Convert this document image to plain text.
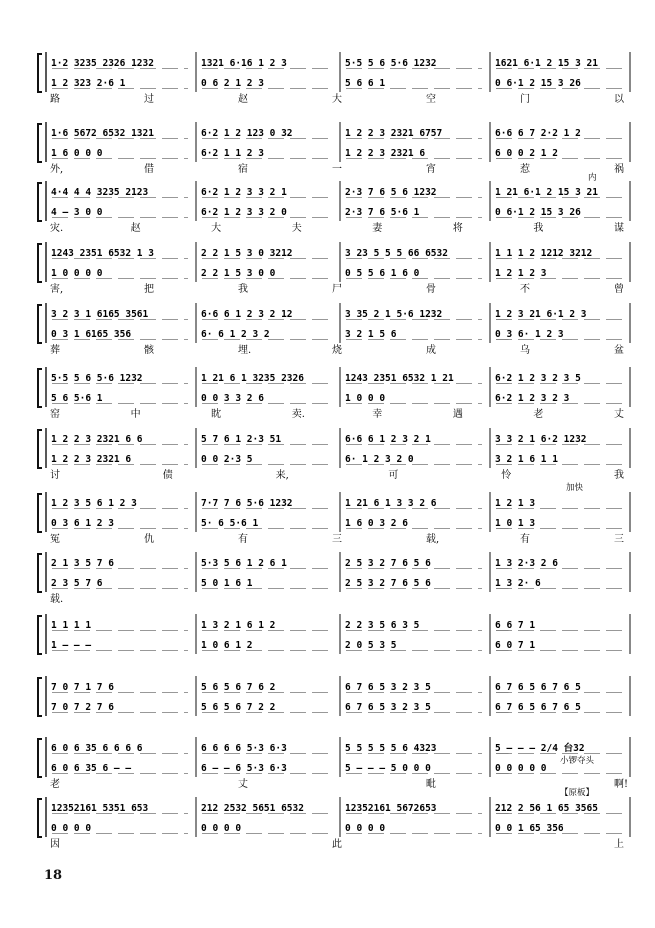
1·2 3235 2326 1232	1321 6·16 1 2 3	5·5 5 6 5·6 1232	1621 6·1 2 15 3 21
1 2 323 2·6 1	0 6 2 1 2 3	5 6 6 1	0 6·1 2 15 3 26
路	过	赵	大	空	门	以
1·6 5672 6532 1321	6·2 1 2 123 0 32	1 2 2 3 2321 6757	6·6 6 7 2·2 1 2
1 6 0 0 0	6·2 1 1 2 3	1 2 2 3 2321 6	6 0 0 2 1 2
外,	借	宿	一	宵	惹	祸
4·4 4 4 3235 2123	6·2 1 2 3 3 2 1	2·3 7 6 5 6 1232	1 21 6·1 2 15 3 21
4 — 3 0 0	6·2 1 2 3 3 2 0	2·3 7 6 5·6 1	0 6·1 2 15 3 26
灾.	赵	大	夫	妻	将	我	谋
内
1243 2351 6532 1 3	2 2 1 5 3 0 3212	3 23 5 5 5 66 6532	1 1 1 2 1212 3212
1 0 0 0 0	2 2 1 5 3 0 0	0 5 5 6 1 6 0	1 2 1 2 3
害,	把	我	尸	骨	不	曾
3 2 3 1 6165 3561	6·6 6 1 2 3 2 12	3 35 2 1 5·6 1232	1 2 3 21 6·1 2 3
0 3 1 6165 356	6· 6 1 2 3 2	3 2 1 5 6	0 3 6· 1 2 3
葬	骸	埋.	烧	成	乌	盆
5·5 5 6 5·6 1232	1 21 6 1 3235 2326	1243 2351 6532 1 21	6·2 1 2 3 2 3 5
5 6 5·6 1	0 0 3 3 2 6	1 0 0 0	6·2 1 2 3 2 3
窑	中	眈	卖.	幸	遇	老	丈
1 2 2 3 2321 6 6	5 7 6 1 2·3 51	6·6 6 1 2 3 2 1	3 3 2 1 6·2 1232
1 2 2 3 2321 6	0 0 2·3 5	6· 1 2 3 2 0	3 2 1 6 1 1
讨	债	来,	可	怜	我
1 2 3 5 6 1 2 3	7·7 7 6 5·6 1232	1 21 6 1 3 3 2 6	1 2 1 3
0 3 6 1 2 3	5· 6 5·6 1	1 6 0 3 2 6	1 0 1 3
冤	仇	有	三	载,	有	三
加快
2 1 3 5 7 6	5·3 5 6 1 2 6 1	2 5 3 2 7 6 5 6	1 3 2·3 2 6
2 3 5 7 6	5 0 1 6 1	2 5 3 2 7 6 5 6	1 3 2· 6
载.
1 1 1 1	1 3 2 1 6 1 2	2 2 3 5 6 3 5	6 6 7 1
1 — — —	1 0 6 1 2	2 0 5 3 5	6 0 7 1
7 0 7 1 7 6	5 6 5 6 7 6 2	6 7 6 5 3 2 3 5	6 7 6 5 6 7 6 5
7 0 7 2 7 6	5 6 5 6 7 2 2	6 7 6 5 3 2 3 5	6 7 6 5 6 7 6 5
6 0 6 35 6 6 6 6	6 6 6 6 5·3 6·3	5 5 5 5 5 6 4323	5 — — — 2/4 台32
6 0 6 35 6 — —	6 — — 6 5·3 6·3	5 — — — 5 0 0 0	0 0 0 0 0
老	丈	毗	啊!
小锣夺头
12352161 5351 653	212 2532 5651 6532	12352161 5672653	212 2 56 1 65 3565
0 0 0 0	0 0 0 0	0 0 0 0	0 0 1 65 356
因	此	上
【原板】
18
